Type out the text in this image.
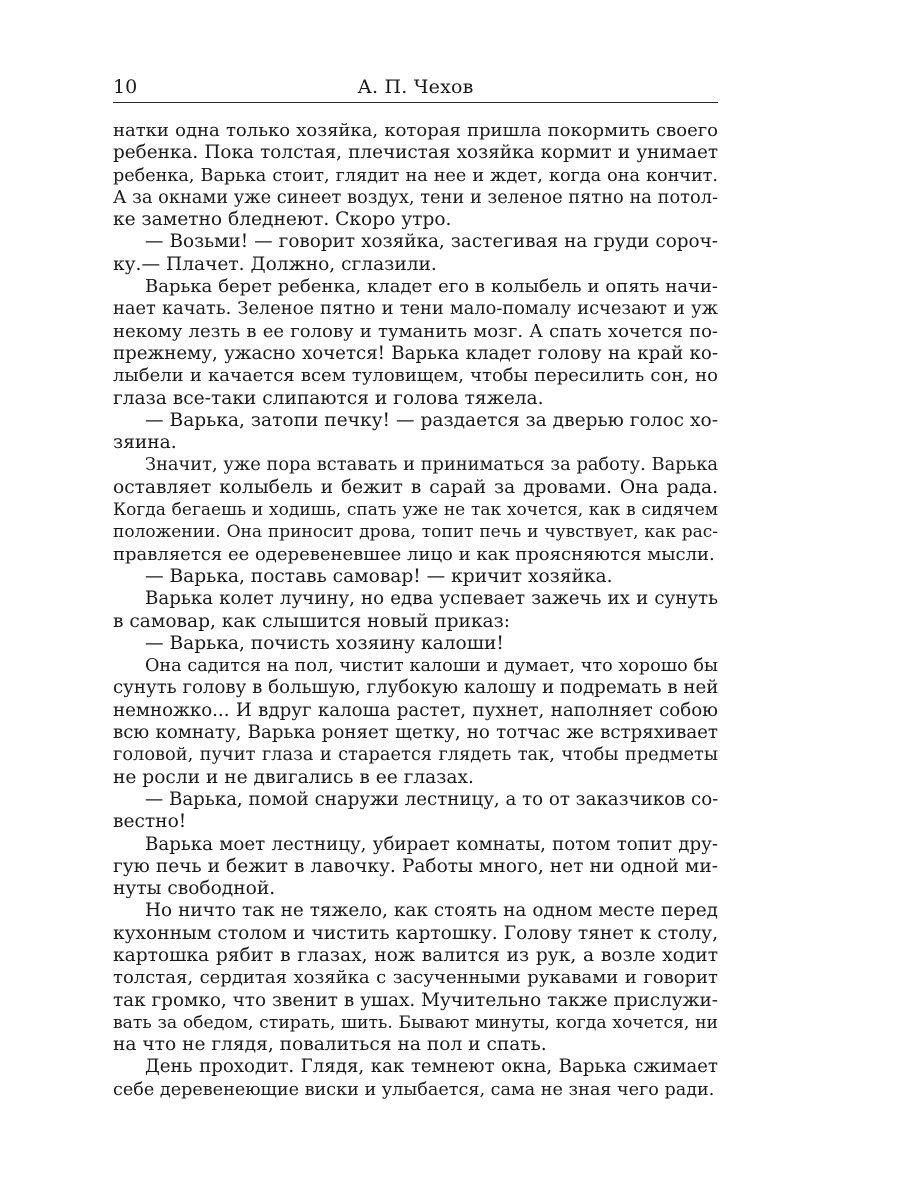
10	А. П. Чехов
натки одна только хозяйка, которая пришла покормить своего
ребенка. Пока толстая, плечистая хозяйка кормит и унимает
ребенка, Варька стоит, глядит на нее и ждет, когда она кончит.
А за окнами уже синеет воздух, тени и зеленое пятно на потол-
ке заметно бледнеют. Скоро утро.
— Возьми! — говорит хозяйка, застегивая на груди сороч-
ку.— Плачет. Должно, сглазили.
Варька берет ребенка, кладет его в колыбель и опять начи-
нает качать. Зеленое пятно и тени мало-помалу исчезают и уж
некому лезть в ее голову и туманить мозг. А спать хочется по-
прежнему, ужасно хочется! Варька кладет голову на край ко-
лыбели и качается всем туловищем, чтобы пересилить сон, но
глаза все-таки слипаются и голова тяжела.
— Варька, затопи печку! — раздается за дверью голос хо-
зяина.
Значит, уже пора вставать и приниматься за работу. Варька
оставляет колыбель и бежит в сарай за дровами. Она рада.
Когда бегаешь и ходишь, спать уже не так хочется, как в сидячем
положении. Она приносит дрова, топит печь и чувствует, как рас-
правляется ее одеревеневшее лицо и как проясняются мысли.
— Варька, поставь самовар! — кричит хозяйка.
Варька колет лучину, но едва успевает зажечь их и сунуть
в самовар, как слышится новый приказ:
— Варька, почисть хозяину калоши!
Она садится на пол, чистит калоши и думает, что хорошо бы
сунуть голову в большую, глубокую калошу и подремать в ней
немножко... И вдруг калоша растет, пухнет, наполняет собою
всю комнату, Варька роняет щетку, но тотчас же встряхивает
головой, пучит глаза и старается глядеть так, чтобы предметы
не росли и не двигались в ее глазах.
— Варька, помой снаружи лестницу, а то от заказчиков со-
вестно!
Варька моет лестницу, убирает комнаты, потом топит дру-
гую печь и бежит в лавочку. Работы много, нет ни одной ми-
нуты свободной.
Но ничто так не тяжело, как стоять на одном месте перед
кухонным столом и чистить картошку. Голову тянет к столу,
картошка рябит в глазах, нож валится из рук, а возле ходит
толстая, сердитая хозяйка с засученными рукавами и говорит
так громко, что звенит в ушах. Мучительно также прислужи-
вать за обедом, стирать, шить. Бывают минуты, когда хочется, ни
на что не глядя, повалиться на пол и спать.
День проходит. Глядя, как темнеют окна, Варька сжимает
себе деревенеющие виски и улыбается, сама не зная чего ради.
